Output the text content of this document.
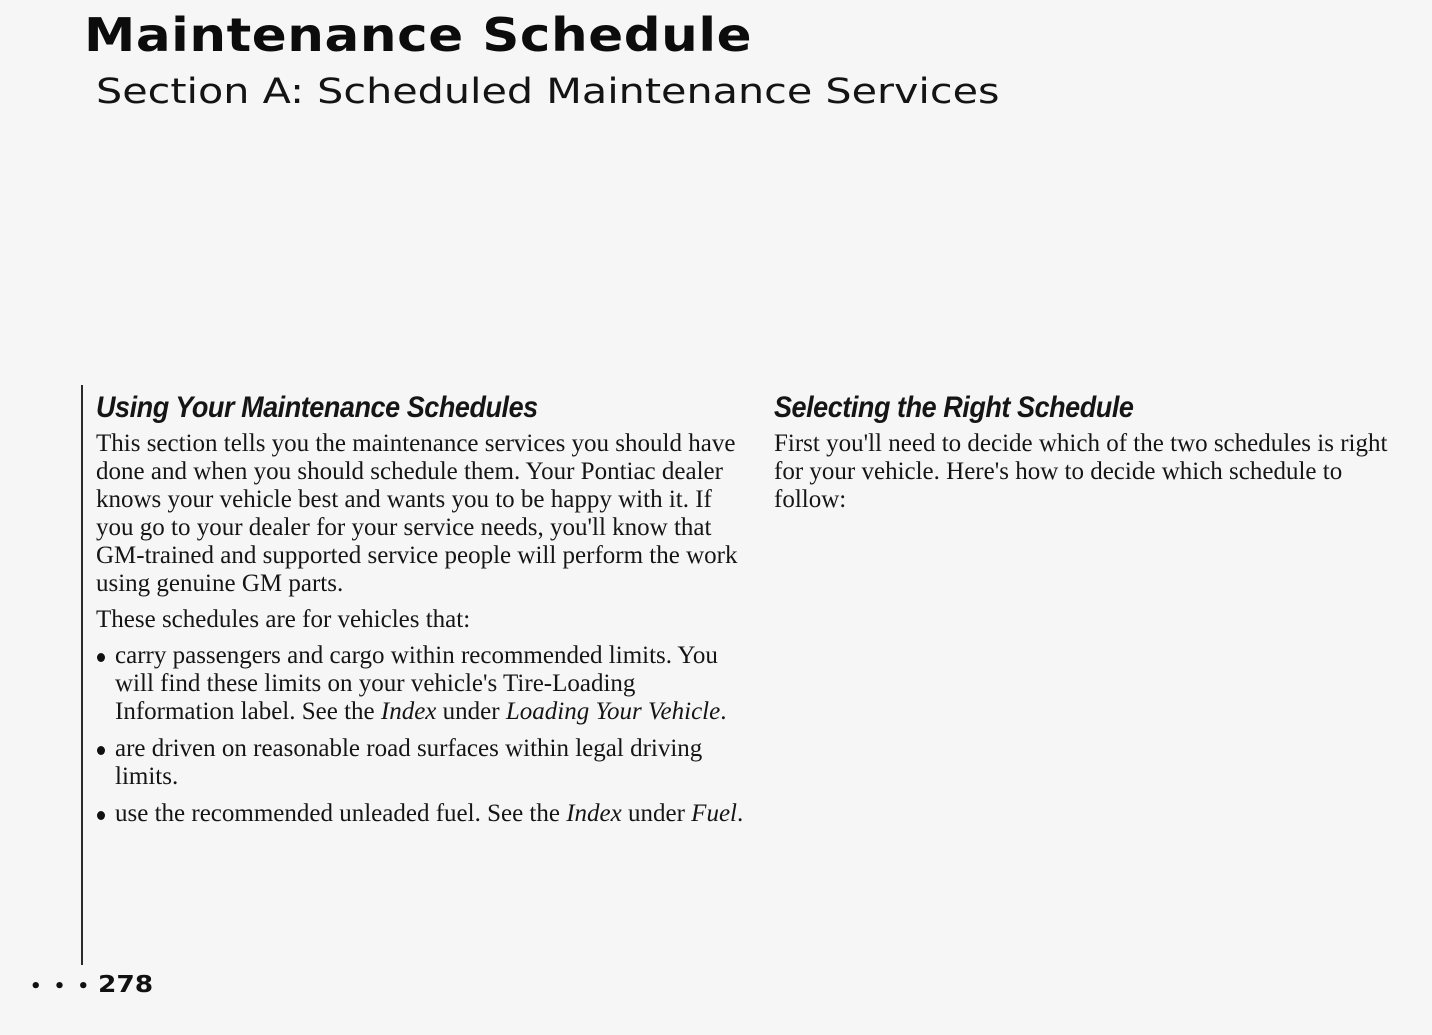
Maintenance Schedule
Section A: Scheduled Maintenance Services
Using Your Maintenance Schedules

This section tells you the maintenance services you should have done and when you should schedule them. Your Pontiac dealer knows your vehicle best and wants you to be happy with it. If you go to your dealer for your service needs, you'll know that GM-trained and supported service people will perform the work using genuine GM parts.

These schedules are for vehicles that:

carry passengers and cargo within recommended limits. You will find these limits on your vehicle's Tire-Loading Information label. See the Index under Loading Your Vehicle.
are driven on reasonable road surfaces within legal driving limits.
use the recommended unleaded fuel. See the Index under Fuel.
Selecting the Right Schedule

First you'll need to decide which of the two schedules is right for your vehicle. Here's how to decide which schedule to follow:

• • • 278
